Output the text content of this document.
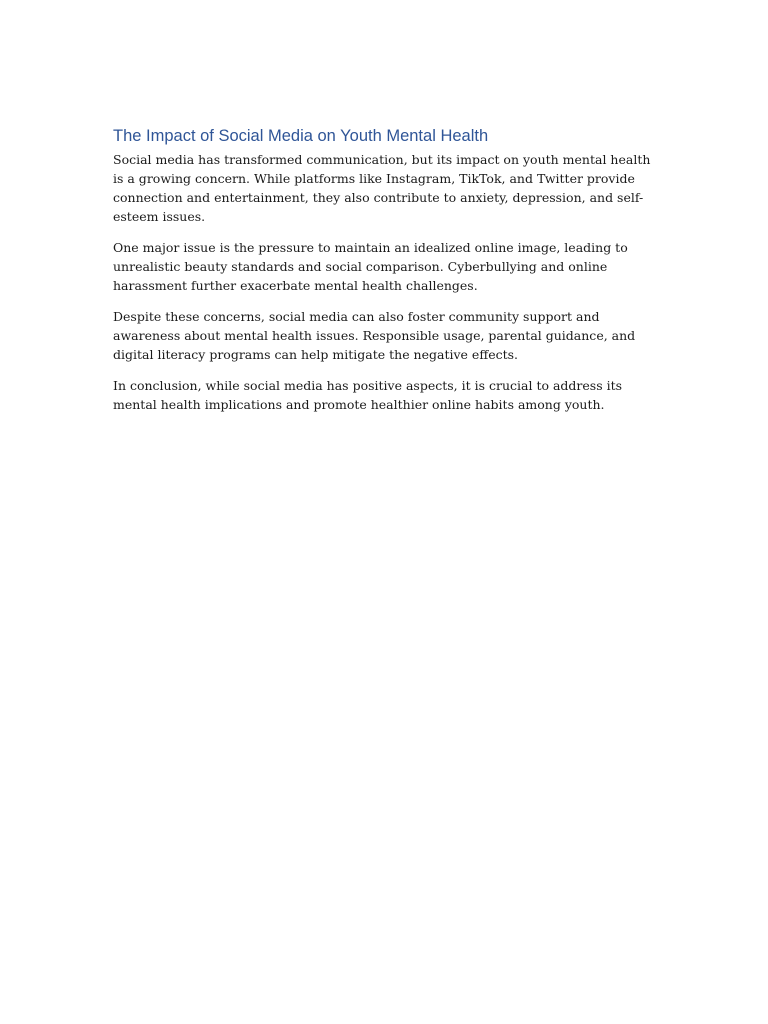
The Impact of Social Media on Youth Mental Health

Social media has transformed communication, but its impact on youth mental health is a growing concern. While platforms like Instagram, TikTok, and Twitter provide connection and entertainment, they also contribute to anxiety, depression, and self-esteem issues.

One major issue is the pressure to maintain an idealized online image, leading to unrealistic beauty standards and social comparison. Cyberbullying and online harassment further exacerbate mental health challenges.

Despite these concerns, social media can also foster community support and awareness about mental health issues. Responsible usage, parental guidance, and digital literacy programs can help mitigate the negative effects.

In conclusion, while social media has positive aspects, it is crucial to address its mental health implications and promote healthier online habits among youth.
